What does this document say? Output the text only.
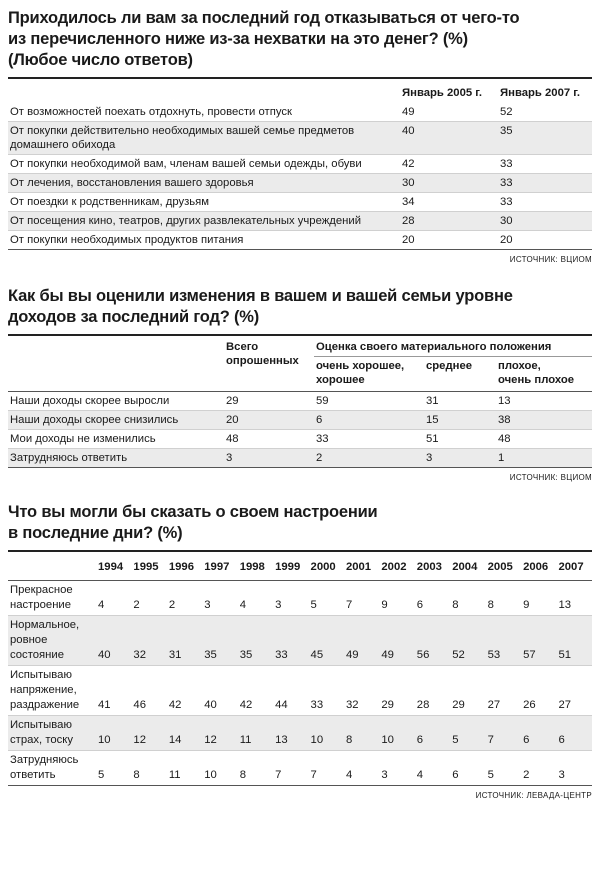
Приходилось ли вам за последний год отказываться от чего-то
из перечисленного ниже из-за нехватки на это денег? (%)
(Любое число ответов)
	Январь 2005 г.	Январь 2007 г.
От возможностей поехать отдохнуть, провести отпуск	49	52
От покупки действительно необходимых вашей семье предметов домашнего обихода	40	35
От покупки необходимой вам, членам вашей семьи одежды, обуви	42	33
От лечения, восстановления вашего здоровья	30	33
От поездки к родственникам, друзьям	34	33
От посещения кино, театров, других развлекательных учреждений	28	30
От покупки необходимых продуктов питания	20	20
ИСТОЧНИК: ВЦИОМ
Как бы вы оценили изменения в вашем и вашей семьи уровне
доходов за последний год? (%)
	Всего
опрошенных	Оценка своего материального положения		
		очень хорошее,
хорошее	среднее	плохое,
очень плохое
Наши доходы скорее выросли	29	59	31	13
Наши доходы скорее снизились	20	6	15	38
Мои доходы не изменились	48	33	51	48
Затрудняюсь ответить	3	2	3	1
ИСТОЧНИК: ВЦИОМ
Что вы могли бы сказать о своем настроении
в последние дни? (%)
	1994	1995	1996	1997	1998	1999	2000	2001	2002	2003	2004	2005	2006	2007
Прекрасное
настроение	4	2	2	3	4	3	5	7	9	6	8	8	9	13
Нормальное,
ровное
состояние	40	32	31	35	35	33	45	49	49	56	52	53	57	51
Испытываю
напряжение,
раздражение	41	46	42	40	42	44	33	32	29	28	29	27	26	27
Испытываю
страх, тоску	10	12	14	12	11	13	10	8	10	6	5	7	6	6
Затрудняюсь
ответить	5	8	11	10	8	7	7	4	3	4	6	5	2	3
ИСТОЧНИК: ЛЕВАДА-ЦЕНТР
